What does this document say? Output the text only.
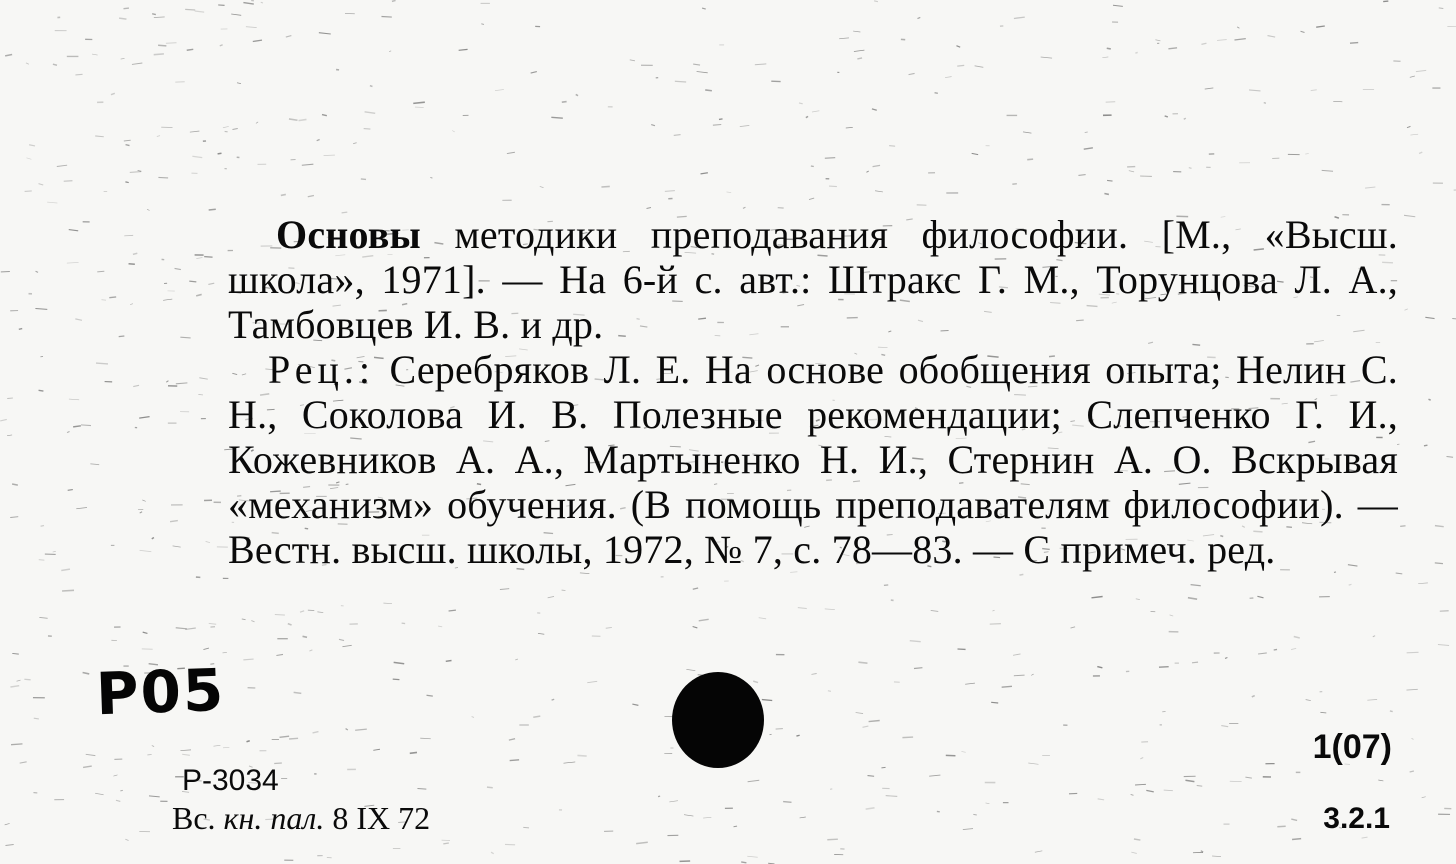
Основы методики преподавания философии. [М., «Высш. школа», 1971]. — На 6-й с. авт.: Штракс Г. М., Торунцова Л. А., Тамбовцев И. В. и др.

Рец.: Серебряков Л. Е. На основе обобщения опыта; Нелин С. Н., Соколова И. В. Полезные рекомендации; Слепченко Г. И., Кожевников А. А., Мартыненко Н. И., Стернин А. О. Вскрывая «механизм» обучения. (В помощь преподавателям философии). — Вестн. высш. школы, 1972, № 7, с. 78—83. — С примеч. ред.

P05
Р-3034
Вс. кн. пал. 8 IX 72
1(07)
3.2.1
